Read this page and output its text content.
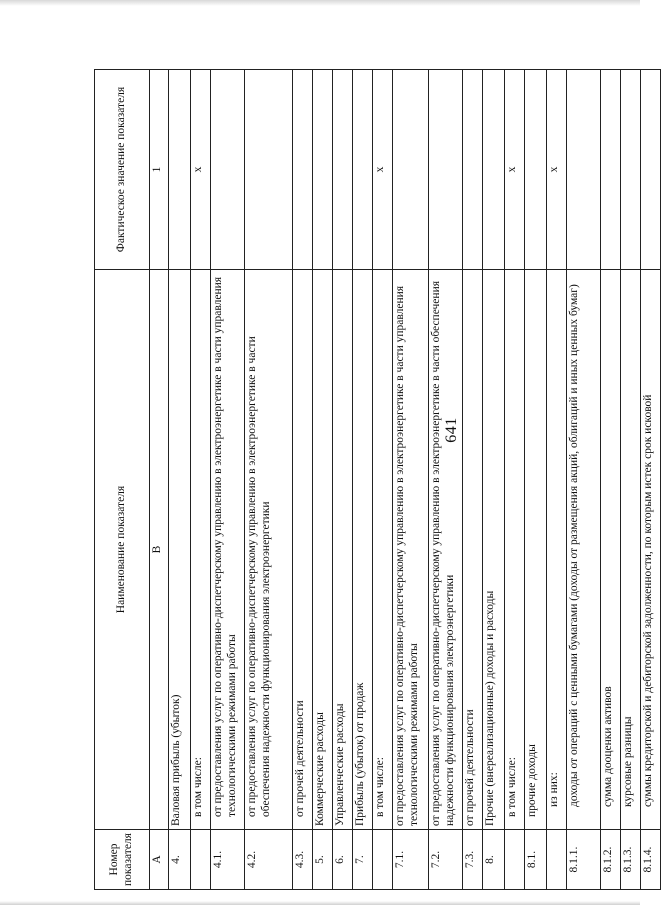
641
Номер показателя	Наименование показателя	Фактическое значение показателя
А	В	1
4.	Валовая прибыль (убыток)	
	в том числе:	x
4.1.	от предоставления услуг по оперативно-диспетчерскому управлению в электроэнергетике в части управления технологическими режимами работы	
4.2.	от предоставления услуг по оперативно-диспетчерскому управлению в электроэнергетике в части обеспечения надежности функционирования электроэнергетики	
4.3.	от прочей деятельности	
5.	Коммерческие расходы	
6.	Управленческие расходы	
7.	Прибыль (убыток) от продаж	
	в том числе:	x
7.1.	от предоставления услуг по оперативно-диспетчерскому управлению в электроэнергетике в части управления технологическими режимами работы	
7.2.	от предоставления услуг по оперативно-диспетчерскому управлению в электроэнергетике в части обеспечения надежности функционирования электроэнергетики	
7.3.	от прочей деятельности	
8.	Прочие (внереализационные) доходы и расходы	
	в том числе:	x
8.1.	прочие доходы	
	из них:	x
8.1.1.	доходы от операций с ценными бумагами (доходы от размещения акций, облигаций и иных ценных бумаг)	
8.1.2.	сумма дооценки активов	
8.1.3.	курсовые разницы	
8.1.4.	суммы кредиторской и дебиторской задолженности, по которым истек срок исковой	
